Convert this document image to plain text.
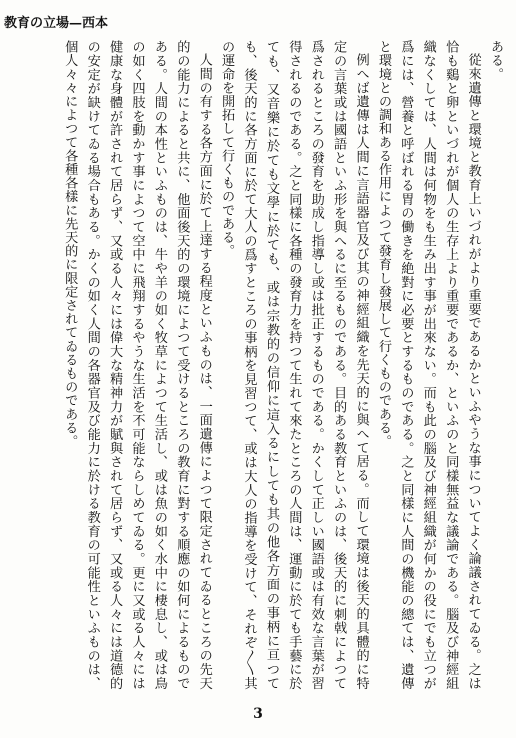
教育の立場—西本

ある。

從來遺傳と環境と教育上いづれがより重要であるかといふやうな事についてよく論議されてゐる。之は恰も鷄と卵といづれが個人の生存上より重要であるか、といふのと同樣無益な議論である。腦及び神經組織なくしては、人間は何物をも生み出す事が出來ない。而も此の腦及び神經組織が何かの役にでも立つが爲には、營養と呼ばれる胃の働きを絶對に必要とするものである。之と同樣に人間の機能の總ては、遺傳と環境との調和ある作用によつて發育し發展して行くものである。

例へば遺傳は人間に言語器官及び其の神經組織を先天的に與へて居る。而して環境は後天的具體的に特定の言葉或は國語といふ形を與へるに至るものである。目的ある教育といふのは、後天的に刺戟によつて爲されるところの發育を助成し指導し或は批正するものである。かくして正しい國語或は有效な言葉が習得されるのである。之と同樣に各種の發育力を持つて生れて來たところの人間は、運動に於ても手藝に於ても、又音樂に於ても文學に於ても、或は宗教的の信仰に這入るにしても其の他各方面の事柄に亘つても、後天的に各方面に於て大人の爲すところの事柄を見習つて、或は大人の指導を受けて、それぞ〱其の運命を開拓して行くものである。

人間の有する各方面に於て上達する程度といふものは、一面遺傳によつて限定されてゐるところの先天的の能力によると共に、他面後天的の環境によつて受けるところの教育に對する順應の如何によるものである。人間の本性といふものは、牛や羊の如く牧草によつて生活し、或は魚の如く水中に棲息し、或は鳥の如く四肢を動かす事によつて空中に飛翔するやうな生活を不可能ならしめてゐる。更に又或る人々には健康な身體が許されて居らず、又或る人々には偉大な精神力が賦與されて居らず、又或る人々には道德的の安定が缺けてゐる場合もある。かくの如く人間の各器官及び能力に於ける教育の可能性といふものは、個人々々によつて各種各樣に先天的に限定されてゐるものである。

3
